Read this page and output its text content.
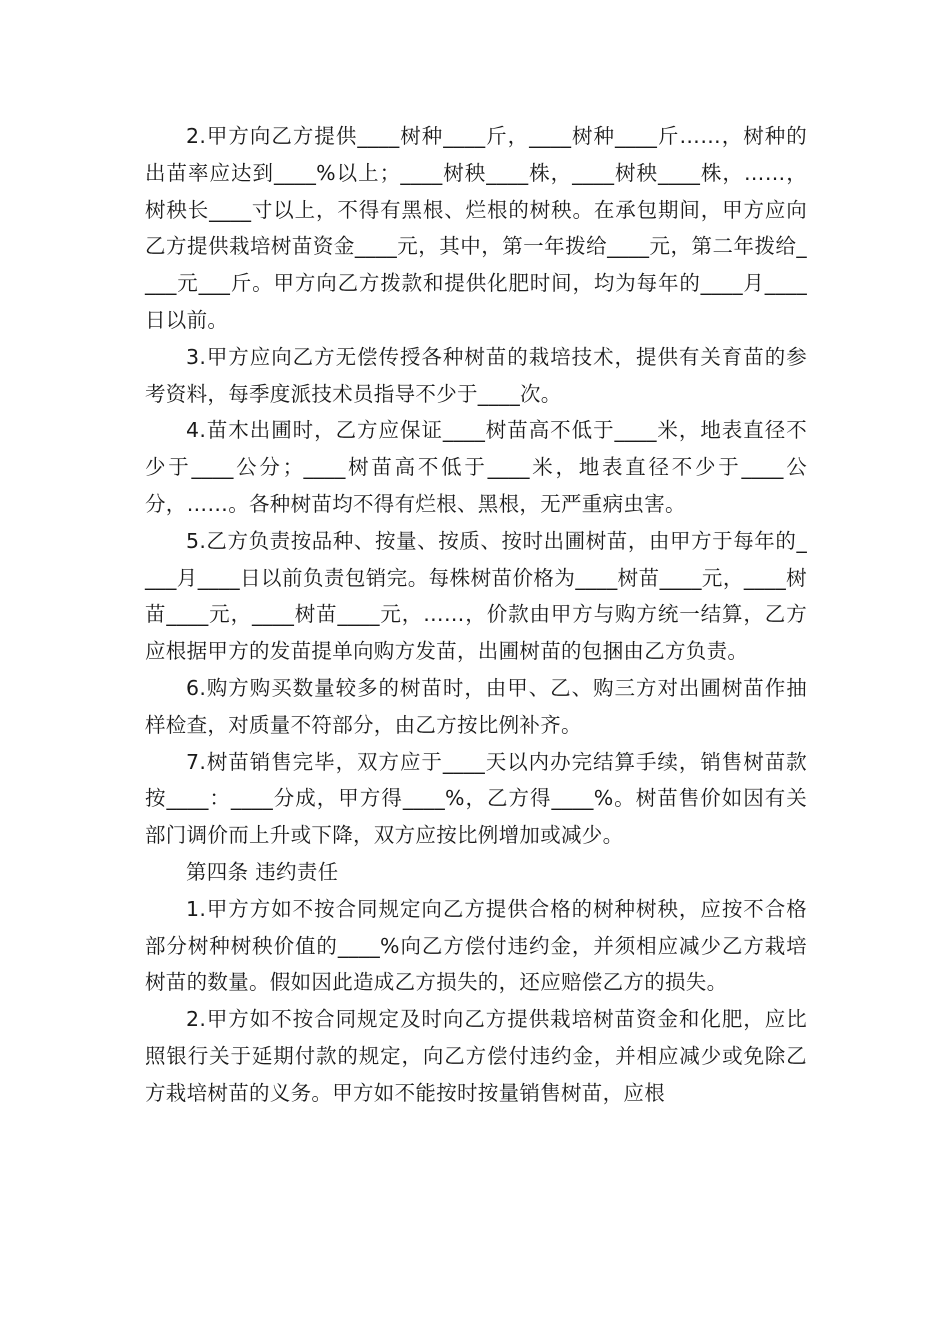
2.甲方向乙方提供____树种____斤，____树种____斤……，树种的出苗率应达到____%以上；____树秧____株，____树秧____株，……，树秧长____寸以上，不得有黑根、烂根的树秧。在承包期间，甲方应向乙方提供栽培树苗资金____元，其中，第一年拨给____元，第二年拨给____元___斤。甲方向乙方拨款和提供化肥时间，均为每年的____月____日以前。

3.甲方应向乙方无偿传授各种树苗的栽培技术，提供有关育苗的参考资料，每季度派技术员指导不少于____次。

4.苗木出圃时，乙方应保证____树苗高不低于____米，地表直径不少于____公分；____树苗高不低于____米，地表直径不少于____公分，……。各种树苗均不得有烂根、黑根，无严重病虫害。

5.乙方负责按品种、按量、按质、按时出圃树苗，由甲方于每年的____月____日以前负责包销完。每株树苗价格为____树苗____元，____树苗____元，____树苗____元，……，价款由甲方与购方统一结算，乙方应根据甲方的发苗提单向购方发苗，出圃树苗的包捆由乙方负责。

6.购方购买数量较多的树苗时，由甲、乙、购三方对出圃树苗作抽样检查，对质量不符部分，由乙方按比例补齐。

7.树苗销售完毕，双方应于____天以内办完结算手续，销售树苗款按____：____分成，甲方得____%，乙方得____%。树苗售价如因有关部门调价而上升或下降，双方应按比例增加或减少。

第四条 违约责任

1.甲方方如不按合同规定向乙方提供合格的树种树秧，应按不合格部分树种树秧价值的____%向乙方偿付违约金，并须相应减少乙方栽培树苗的数量。假如因此造成乙方损失的，还应赔偿乙方的损失。

2.甲方如不按合同规定及时向乙方提供栽培树苗资金和化肥，应比照银行关于延期付款的规定，向乙方偿付违约金，并相应减少或免除乙方栽培树苗的义务。甲方如不能按时按量销售树苗，应根
